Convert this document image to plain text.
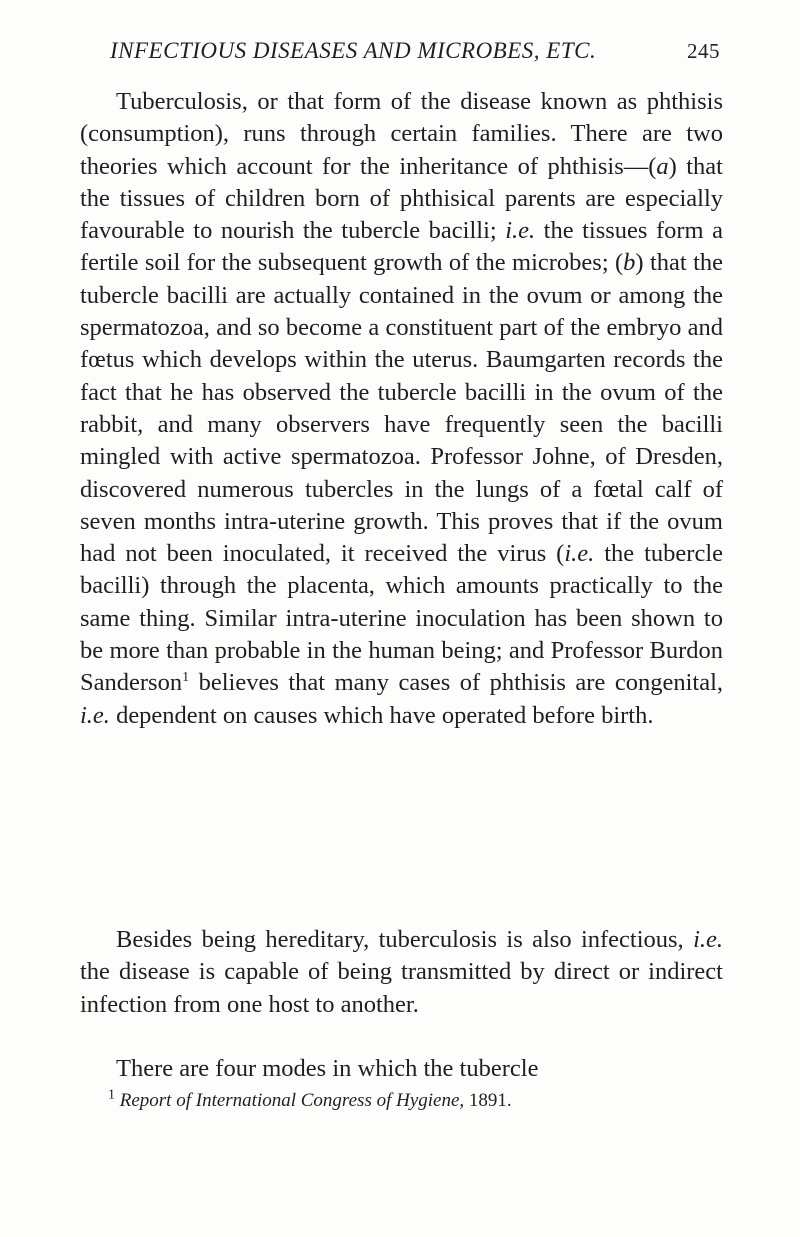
INFECTIOUS DISEASES AND MICROBES, ETC.	245

Tuberculosis, or that form of the disease known as phthisis (consumption), runs through certain families. There are two theories which account for the inheritance of phthisis—(a) that the tissues of children born of phthisical parents are especially favourable to nourish the tubercle bacilli; i.e. the tissues form a fertile soil for the subsequent growth of the microbes; (b) that the tubercle bacilli are actually contained in the ovum or among the spermatozoa, and so become a constituent part of the embryo and fœtus which develops within the uterus. Baumgarten records the fact that he has observed the tubercle bacilli in the ovum of the rabbit, and many observers have frequently seen the bacilli mingled with active spermatozoa. Professor Johne, of Dresden, discovered numerous tubercles in the lungs of a fœtal calf of seven months intra-uterine growth. This proves that if the ovum had not been inoculated, it received the virus (i.e. the tubercle bacilli) through the placenta, which amounts practically to the same thing. Similar intra-uterine inoculation has been shown to be more than probable in the human being; and Professor Burdon Sanderson$^1$ believes that many cases of phthisis are congenital, i.e. dependent on causes which have operated before birth.

Besides being hereditary, tuberculosis is also infectious, i.e. the disease is capable of being transmitted by direct or indirect infection from one host to another.

There are four modes in which the tubercle

$^1$ Report of International Congress of Hygiene, 1891.
